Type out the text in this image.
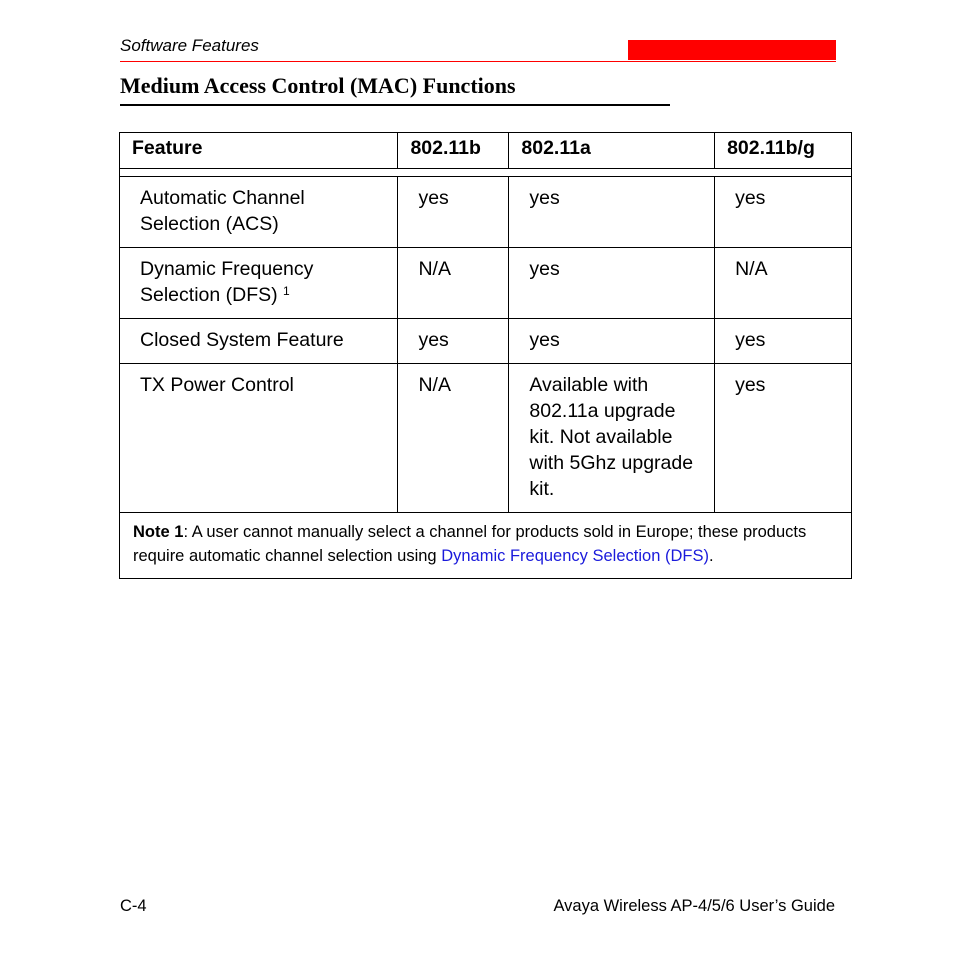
Software Features
Medium Access Control (MAC) Functions
Feature	802.11b	802.11a	802.11b/g

Automatic Channel Selection (ACS)	yes	yes	yes
Dynamic Frequency Selection (DFS) $^1$	N/A	yes	N/A
Closed System Feature	yes	yes	yes
TX Power Control	N/A	Available with 802.11a upgrade kit. Not available with 5Ghz upgrade kit.	yes
Note 1: A user cannot manually select a channel for products sold in Europe; these products require automatic channel selection using Dynamic Frequency Selection (DFS).			
C-4	Avaya Wireless AP-4/5/6 User’s Guide
